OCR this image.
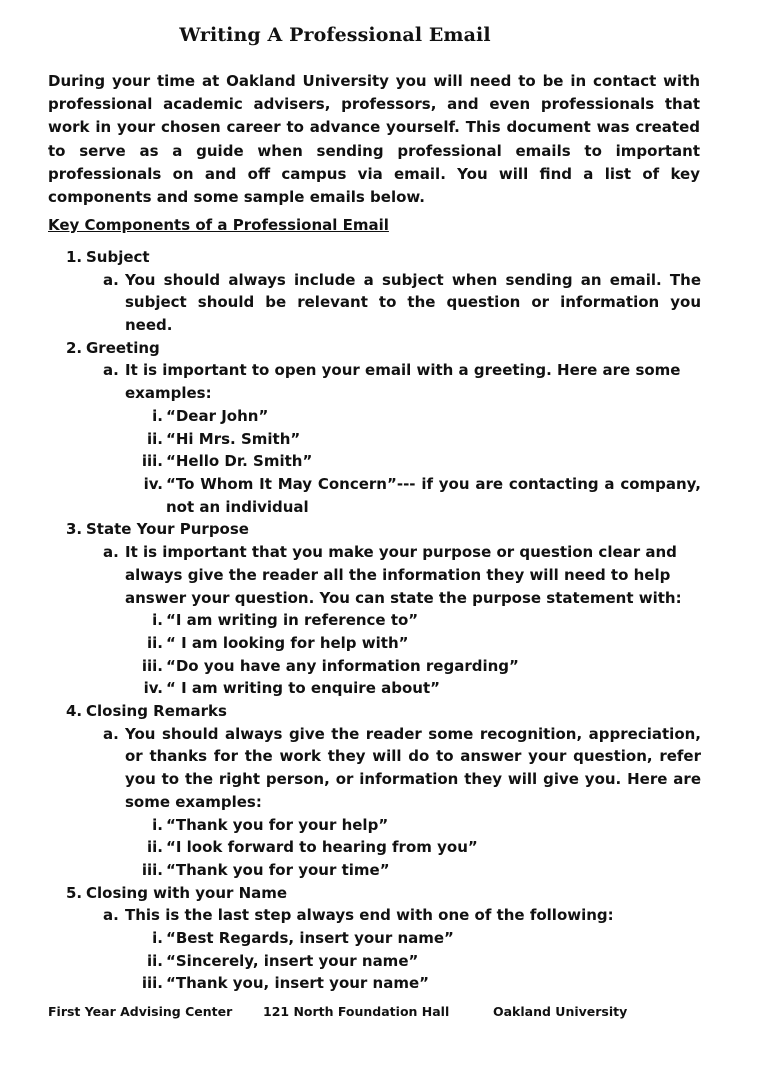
Writing A Professional Email

During your time at Oakland University you will need to be in contact with professional academic advisers, professors, and even professionals that work in your chosen career to advance yourself. This document was created to serve as a guide when sending professional emails to important professionals on and off campus via email. You will find a list of key components and some sample emails below.

Key Components of a Professional Email

1. Subject
a. You should always include a subject when sending an email. The subject should be relevant to the question or information you need.
2. Greeting
a. It is important to open your email with a greeting. Here are some examples:
i. “Dear John”
ii. “Hi Mrs. Smith”
iii. “Hello Dr. Smith”
iv. “To Whom It May Concern”--- if you are contacting a company, not an individual
3. State Your Purpose
a. It is important that you make your purpose or question clear and always give the reader all the information they will need to help answer your question. You can state the purpose statement with:
i. “I am writing in reference to”
ii. “ I am looking for help with”
iii. “Do you have any information regarding”
iv. “ I am writing to enquire about”
4. Closing Remarks
a. You should always give the reader some recognition, appreciation, or thanks for the work they will do to answer your question, refer you to the right person, or information they will give you. Here are some examples:
i. “Thank you for your help”
ii. “I look forward to hearing from you”
iii. “Thank you for your time”
5. Closing with your Name
a. This is the last step always end with one of the following:
i. “Best Regards, insert your name”
ii. “Sincerely, insert your name”
iii. “Thank you, insert your name”
First Year Advising Center 121 North Foundation Hall	Oakland University
